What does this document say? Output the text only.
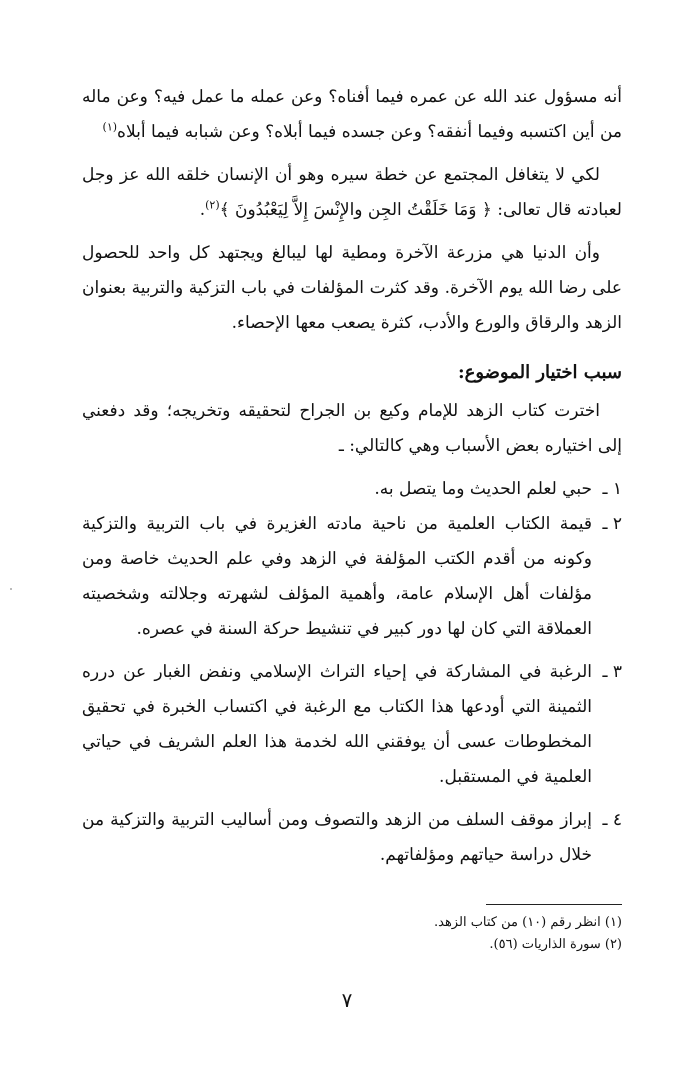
أنه مسؤول عند الله عن عمره فيما أفناه؟ وعن عمله ما عمل فيه؟ وعن ماله من أين اكتسبه وفيما أنفقه؟ وعن جسده فيما أبلاه؟ وعن شبابه فيما أبلاه$^{(١)}$

لكي لا يتغافل المجتمع عن خطة سيره وهو أن الإنسان خلقه الله عز وجل لعبادته قال تعالى: ﴿ وَمَا خَلَقْتُ الجِن والإِنْسَ إِلاَّ لِيَعْبُدُونَ ﴾$^{(٢)}$.

وأن الدنيا هي مزرعة الآخرة ومطية لها ليبالغ ويجتهد كل واحد للحصول على رضا الله يوم الآخرة. وقد كثرت المؤلفات في باب التزكية والتربية بعنوان الزهد والرقاق والورع والأدب، كثرة يصعب معها الإحصاء.

سبب اختيار الموضوع:

اخترت كتاب الزهد للإمام وكيع بن الجراح لتحقيقه وتخريجه؛ وقد دفعني إلى اختياره بعض الأسباب وهي كالتالي: ـ

١ ـ
حبي لعلم الحديث وما يتصل به.
٢ ـ
قيمة الكتاب العلمية من ناحية مادته الغزيرة في باب التربية والتزكية وكونه من أقدم الكتب المؤلفة في الزهد وفي علم الحديث خاصة ومن مؤلفات أهل الإسلام عامة، وأهمية المؤلف لشهرته وجلالته وشخصيته العملاقة التي كان لها دور كبير في تنشيط حركة السنة في عصره.
٣ ـ
الرغبة في المشاركة في إحياء التراث الإسلامي ونفض الغبار عن درره الثمينة التي أودعها هذا الكتاب مع الرغبة في اكتساب الخبرة في تحقيق المخطوطات عسى أن يوفقني الله لخدمة هذا العلم الشريف في حياتي العلمية في المستقبل.
٤ ـ
إبراز موقف السلف من الزهد والتصوف ومن أساليب التربية والتزكية من خلال دراسة حياتهم ومؤلفاتهم.

(١) انظر رقم (١٠) من كتاب الزهد.

(٢) سورة الذاريات (٥٦).

٧
